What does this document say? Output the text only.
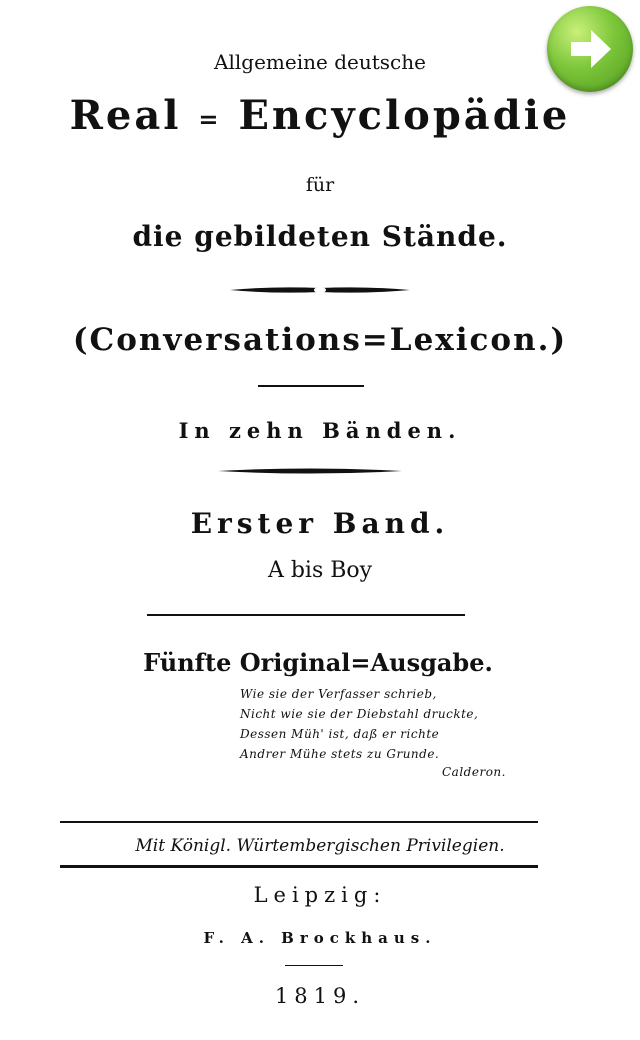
Allgemeine deutsche
Real = Encyclopädie
für
die gebildeten Stände.
(Conversations=Lexicon.)
In zehn Bänden.
Erster Band.
A bis Boy
Fünfte Original=Ausgabe.
Wie sie der Verfasser schrieb,
Nicht wie sie der Diebstahl druckte,
Dessen Müh' ist, daß er richte
Andrer Mühe stets zu Grunde.
Calderon.
Mit Königl. Würtembergischen Privilegien.
Leipzig:
F. A. Brockhaus.
1819.
